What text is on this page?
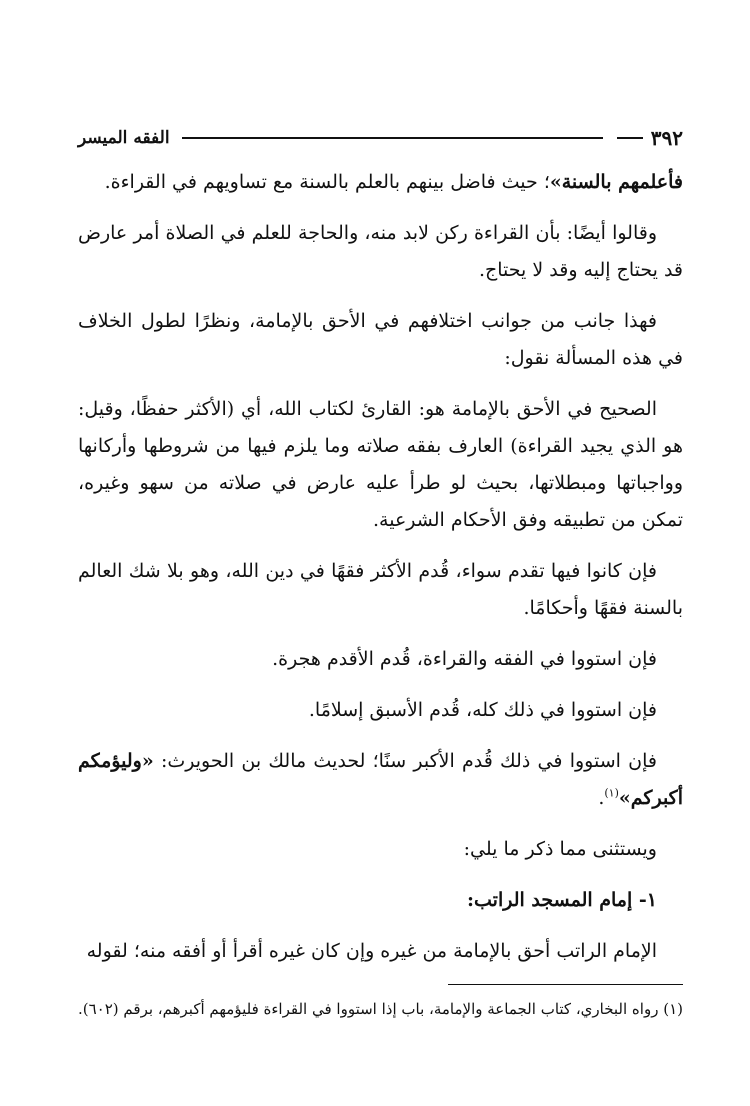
٣٩٢
الفقه الميسر

فأعلمهم بالسنة»؛ حيث فاضل بينهم بالعلم بالسنة مع تساويهم في القراءة.

وقالوا أيضًا: بأن القراءة ركن لابد منه، والحاجة للعلم في الصلاة أمر عارض قد يحتاج إليه وقد لا يحتاج.

فهذا جانب من جوانب اختلافهم في الأحق بالإمامة، ونظرًا لطول الخلاف في هذه المسألة نقول:

الصحيح في الأحق بالإمامة هو: القارئ لكتاب الله، أي (الأكثر حفظًا، وقيل: هو الذي يجيد القراءة) العارف بفقه صلاته وما يلزم فيها من شروطها وأركانها وواجباتها ومبطلاتها، بحيث لو طرأ عليه عارض في صلاته من سهو وغيره، تمكن من تطبيقه وفق الأحكام الشرعية.

فإن كانوا فيها تقدم سواء، قُدم الأكثر فقهًا في دين الله، وهو بلا شك العالم بالسنة فقهًا وأحكامًا.

فإن استووا في الفقه والقراءة، قُدم الأقدم هجرة.

فإن استووا في ذلك كله، قُدم الأسبق إسلامًا.

فإن استووا في ذلك قُدم الأكبر سنًا؛ لحديث مالك بن الحويرث: «وليؤمكم أكبركم»$^{(١)}$.

ويستثنى مما ذكر ما يلي:

١- إمام المسجد الراتب:

الإمام الراتب أحق بالإمامة من غيره وإن كان غيره أقرأ أو أفقه منه؛ لقوله

(١) رواه البخاري، كتاب الجماعة والإمامة، باب إذا استووا في القراءة فليؤمهم أكبرهم، برقم (٦٠٢).
